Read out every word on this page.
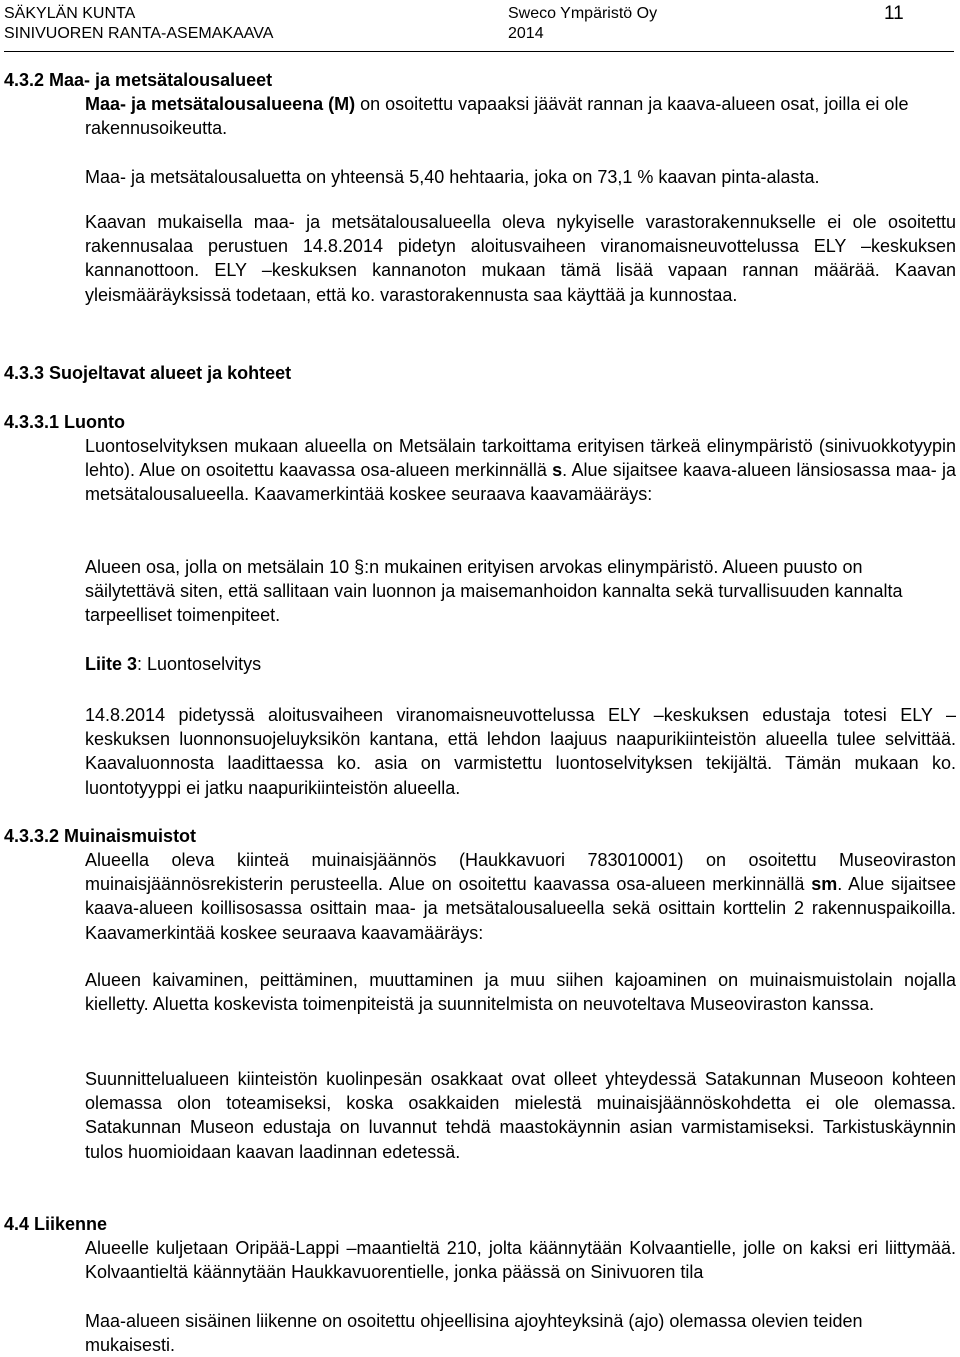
SÄKYLÄN KUNTA
SINIVUOREN RANTA-ASEMAKAAVA
Sweco Ympäristö Oy
2014
11
4.3.2 Maa- ja metsätalousalueet
Maa- ja metsätalousalueena (M) on osoitettu vapaaksi jäävät rannan ja kaava-alueen osat, joilla ei ole rakennusoikeutta.
Maa- ja metsätalousaluetta on yhteensä 5,40 hehtaaria, joka on 73,1 % kaavan pinta-alasta.
Kaavan mukaisella maa- ja metsätalousalueella oleva nykyiselle varastorakennukselle ei ole osoitettu rakennusalaa perustuen 14.8.2014 pidetyn aloitusvaiheen viranomaisneuvottelussa ELY –keskuksen kannanottoon. ELY –keskuksen kannanoton mukaan tämä lisää vapaan rannan määrää. Kaavan yleismääräyksissä todetaan, että ko. varastorakennusta saa käyttää ja kunnostaa.
4.3.3 Suojeltavat alueet ja kohteet
4.3.3.1 Luonto
Luontoselvityksen mukaan alueella on Metsälain tarkoittama erityisen tärkeä elinympäristö (sinivuokkotyypin lehto). Alue on osoitettu kaavassa osa-alueen merkinnällä s. Alue sijaitsee kaava-alueen länsiosassa maa- ja metsätalousalueella. Kaavamerkintää koskee seuraava kaavamääräys:
Alueen osa, jolla on metsälain 10 §:n mukainen erityisen arvokas elinympäristö. Alueen puusto on säilytettävä siten, että sallitaan vain luonnon ja maisemanhoidon kannalta sekä turvallisuuden kannalta tarpeelliset toimenpiteet.
Liite 3: Luontoselvitys
14.8.2014 pidetyssä aloitusvaiheen viranomaisneuvottelussa ELY –keskuksen edustaja totesi ELY –keskuksen luonnonsuojeluyksikön kantana, että lehdon laajuus naapurikiinteistön alueella tulee selvittää. Kaavaluonnosta laadittaessa ko. asia on varmistettu luontoselvityksen tekijältä. Tämän mukaan ko. luontotyyppi ei jatku naapurikiinteistön alueella.
4.3.3.2 Muinaismuistot
Alueella oleva kiinteä muinaisjäännös (Haukkavuori 783010001) on osoitettu Museoviraston muinaisjäännösrekisterin perusteella. Alue on osoitettu kaavassa osa-alueen merkinnällä sm. Alue sijaitsee kaava-alueen koillisosassa osittain maa- ja metsätalousalueella sekä osittain korttelin 2 rakennuspaikoilla. Kaavamerkintää koskee seuraava kaavamääräys:
Alueen kaivaminen, peittäminen, muuttaminen ja muu siihen kajoaminen on muinaismuistolain nojalla kielletty. Aluetta koskevista toimenpiteistä ja suunnitelmista on neuvoteltava Museoviraston kanssa.
Suunnittelualueen kiinteistön kuolinpesän osakkaat ovat olleet yhteydessä Satakunnan Museoon kohteen olemassa olon toteamiseksi, koska osakkaiden mielestä muinaisjäännöskohdetta ei ole olemassa. Satakunnan Museon edustaja on luvannut tehdä maastokäynnin asian varmistamiseksi. Tarkistuskäynnin tulos huomioidaan kaavan laadinnan edetessä.
4.4 Liikenne
Alueelle kuljetaan Oripää-Lappi –maantieltä 210, jolta käännytään Kolvaantielle, jolle on kaksi eri liittymää. Kolvaantieltä käännytään Haukkavuorentielle, jonka päässä on Sinivuoren tila
Maa-alueen sisäinen liikenne on osoitettu ohjeellisina ajoyhteyksinä (ajo) olemassa olevien teiden mukaisesti.
